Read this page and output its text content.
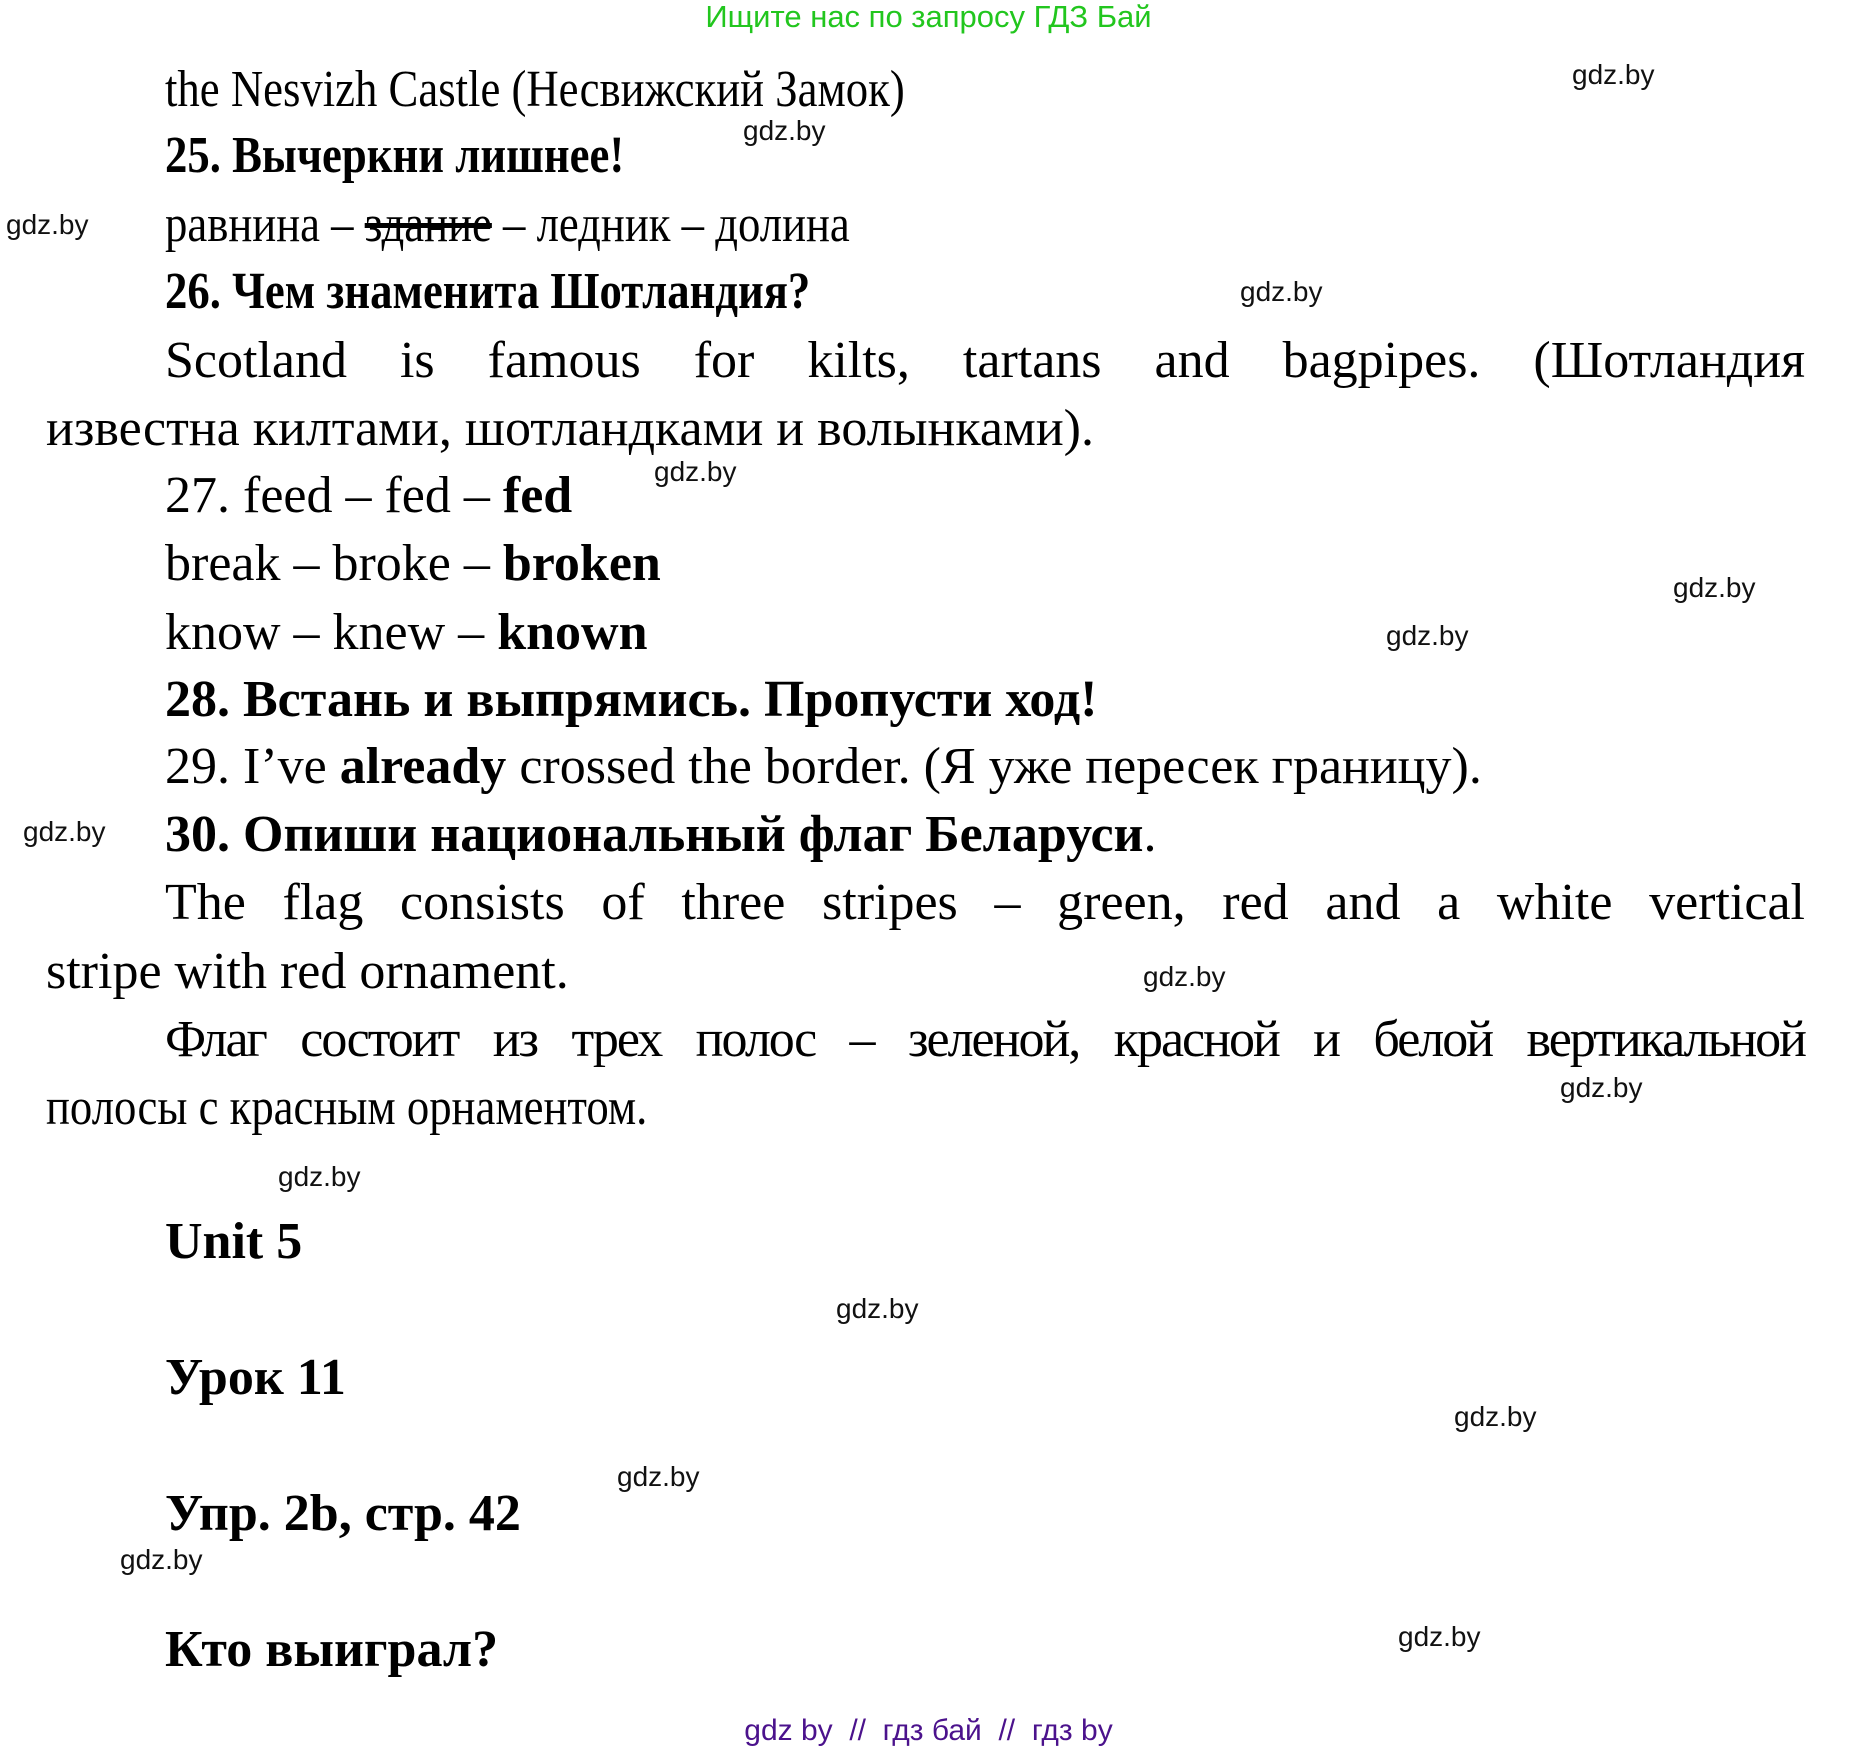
Ищите нас по запросу ГДЗ Бай
the Nesvizh Castle (Несвижский Замок)
25. Вычеркни лишнее!
равнина – здание – ледник – долина
26. Чем знаменита Шотландия?
Scotland is famous for kilts, tartans and bagpipes. (Шотландия
известна килтами, шотландками и волынками).
27. feed – fed – fed
break – broke – broken
know – knew – known
28. Встань и выпрямись. Пропусти ход!
29. I’ve already crossed the border. (Я уже пересек границу).
30. Опиши национальный флаг Беларуси.
The flag consists of three stripes – green, red and a white vertical
stripe with red ornament.
Флаг состоит из трех полос – зеленой, красной и белой вертикальной
полосы с красным орнаментом.
Unit 5
Урок 11
Упр. 2b, стр. 42
Кто выиграл?
gdz.by
gdz.by
gdz.by
gdz.by
gdz.by
gdz.by
gdz.by
gdz.by
gdz.by
gdz.by
gdz.by
gdz.by
gdz.by
gdz.by
gdz.by
gdz.by
gdz by  //  гдз бай  //  гдз by
